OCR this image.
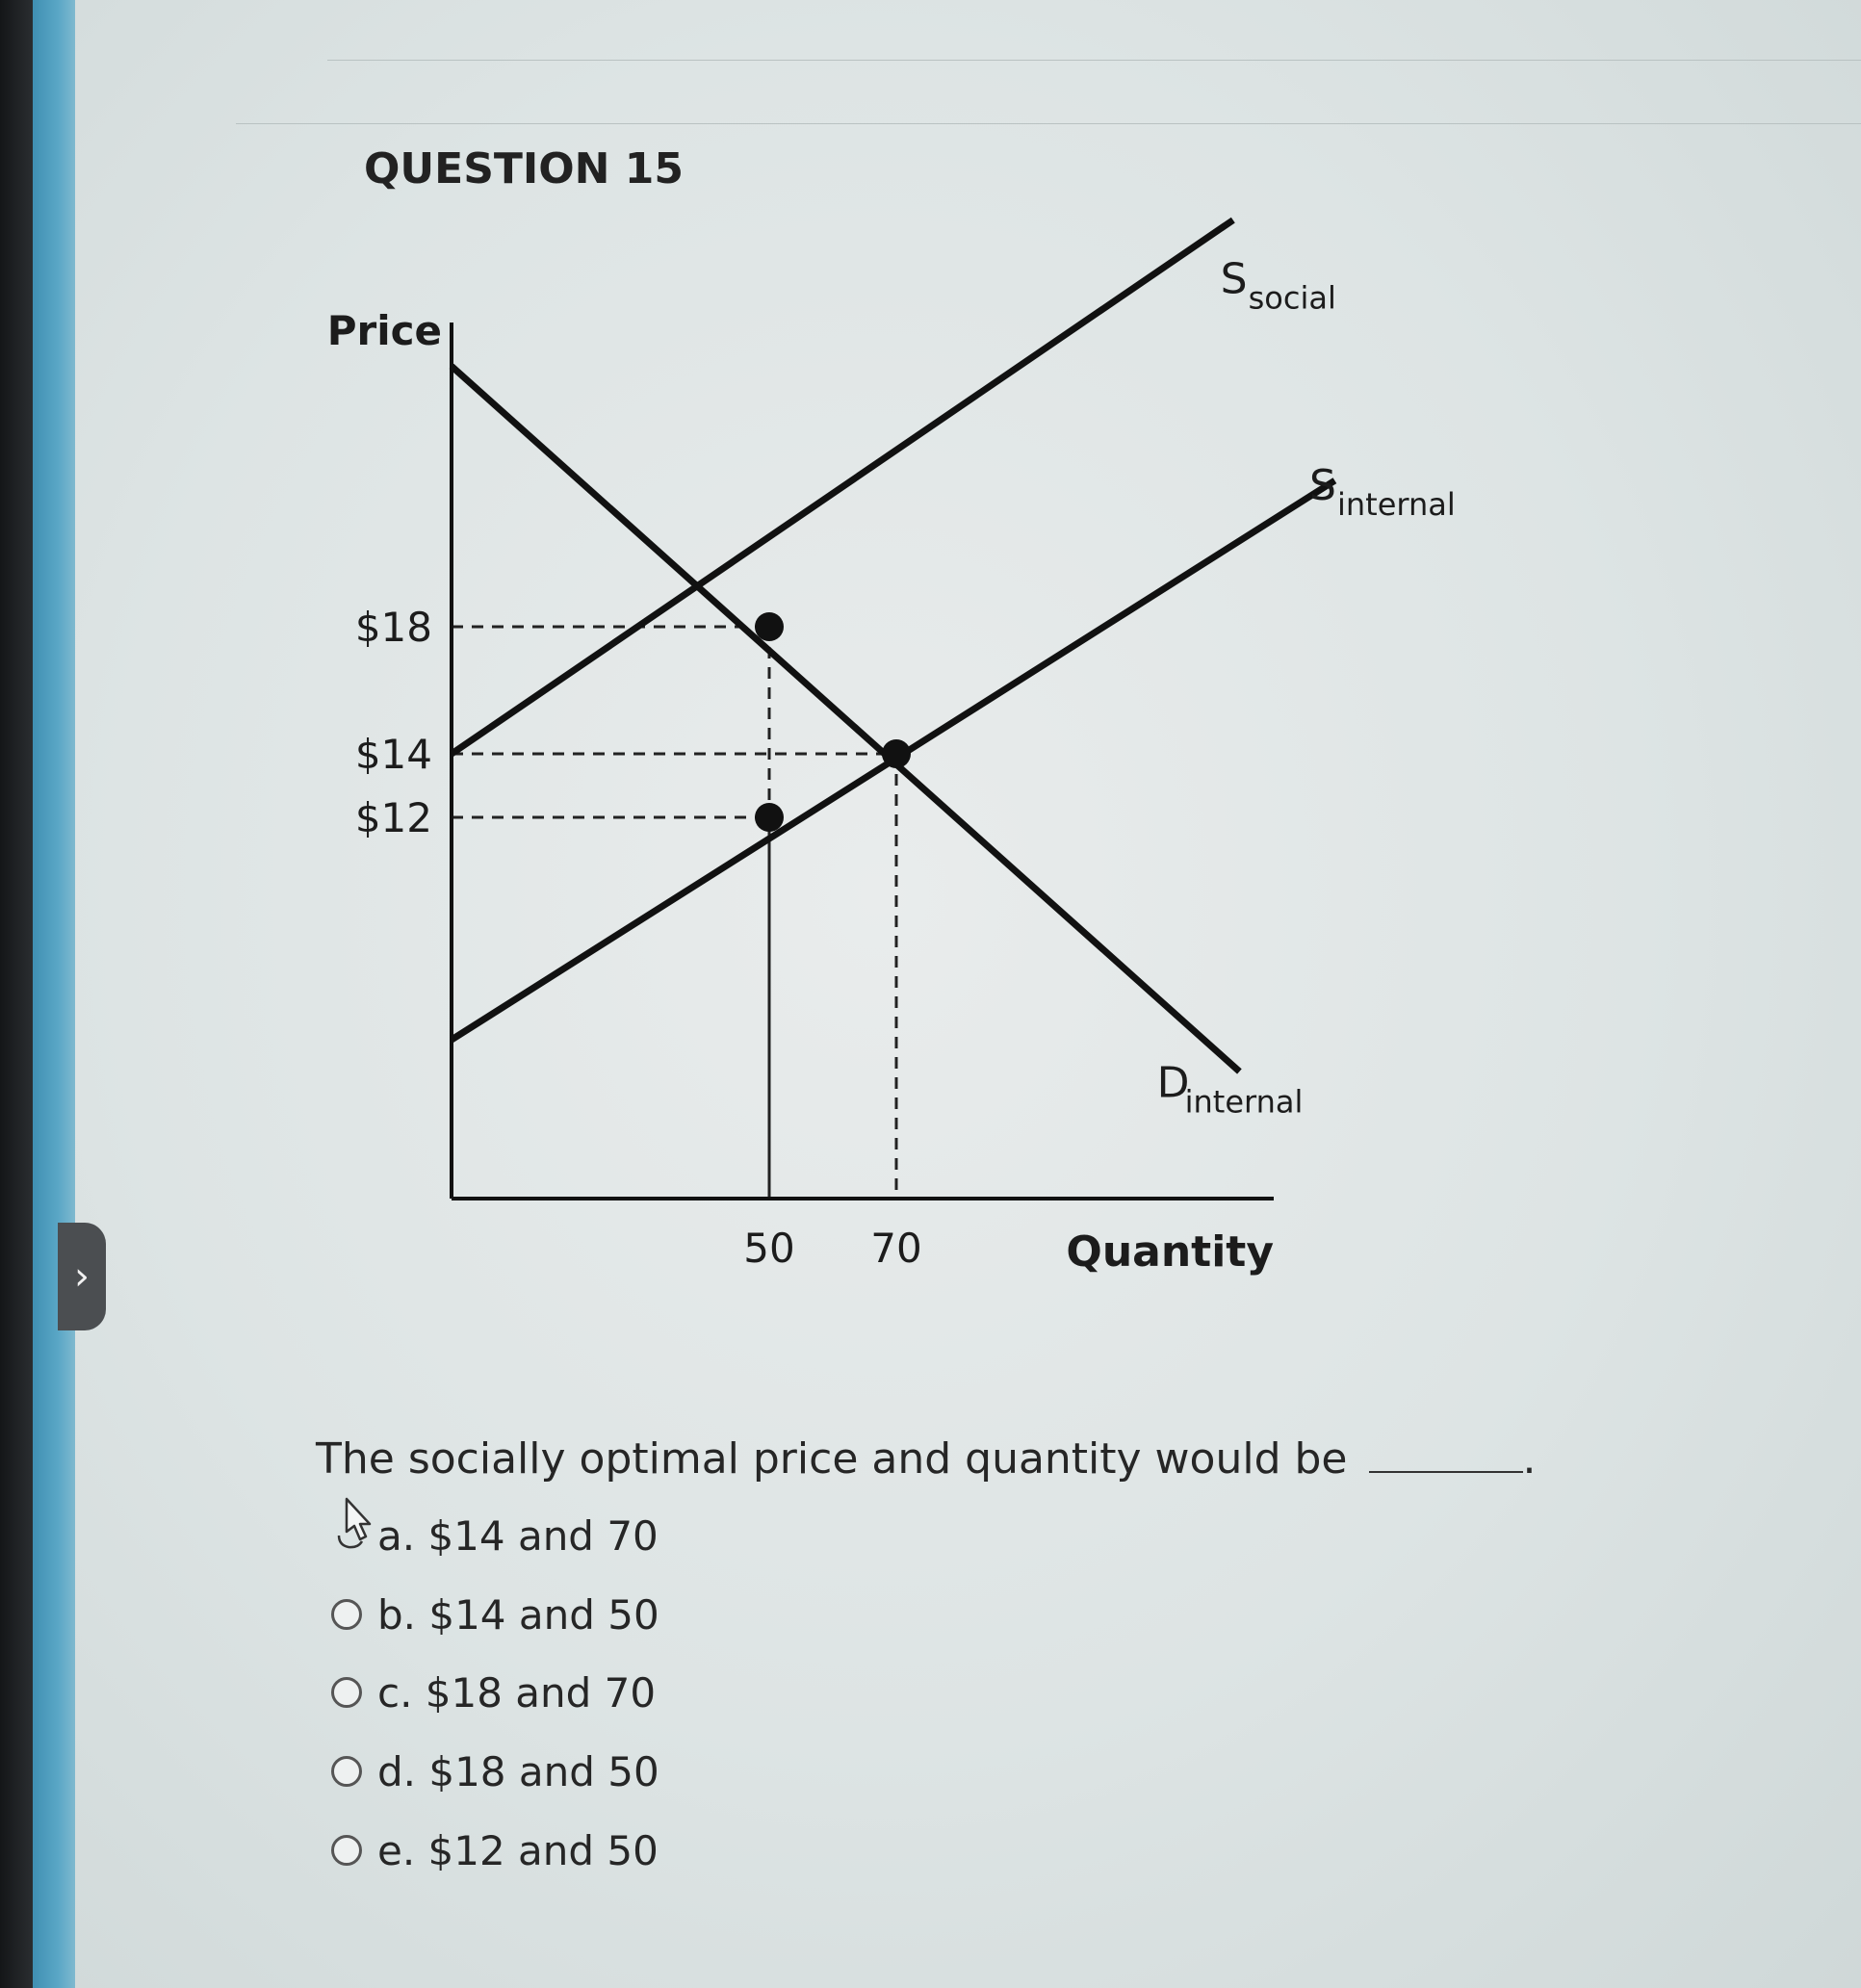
›
QUESTION 15
S social
S internal
D
internal
$18
$14
$12
50 70
Price
Quantity
The socially optimal price and quantity would be	.
a. $14 and 70
b. $14 and 50
c. $18 and 70
d. $18 and 50
e. $12 and 50
